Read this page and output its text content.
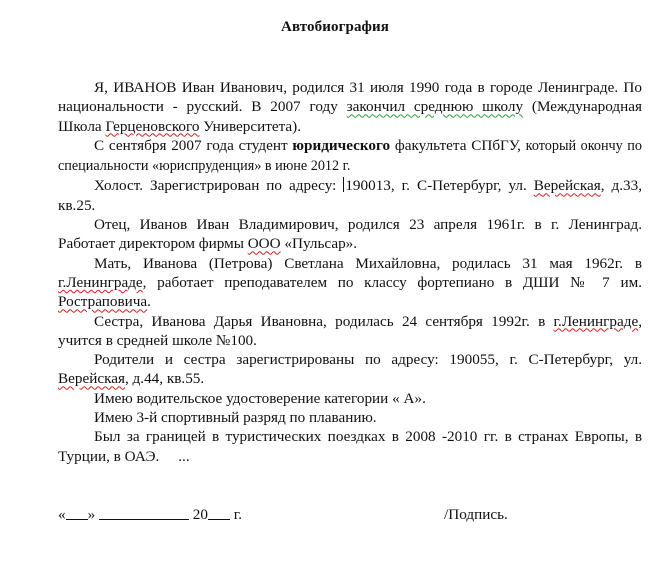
Автобиография

Я, ИВАНОВ Иван Иванович, родился 31 июля 1990 года в городе Ленинграде. По национальности - русский. В 2007 году закончил среднюю школу (Международная Школа Герценовского Университета).

С сентября 2007 года студент юридического факультета СПбГУ, который окончу по специальности «юриспруденция» в июне 2012 г.

Холост. Зарегистрирован по адресу: 190013, г. С-Петербург, ул. Верейская, д.33, кв.25.

Отец, Иванов Иван Владимирович, родился 23 апреля 1961г. в г. Ленинград. Работает директором фирмы ООО «Пульсар».

Мать, Иванова (Петрова) Светлана Михайловна, родилась 31 мая 1962г. в г.Ленинграде, работает преподавателем по классу фортепиано в ДШИ № 7 им. Ростраповича.

Сестра, Иванова Дарья Ивановна, родилась 24 сентября 1992г. в г.Ленинграде, учится в средней школе №100.

Родители и сестра зарегистрированы по адресу: 190055, г. С-Петербург, ул. Верейская, д.44, кв.55.

Имею водительское удостоверение категории « А».

Имею 3-й спортивный разряд по плаванию.

Был за границей в туристических поездках в 2008 -2010 гг. в странах Европы, в Турции, в ОАЭ.     ...

« »	20 г.	/Подпись.
